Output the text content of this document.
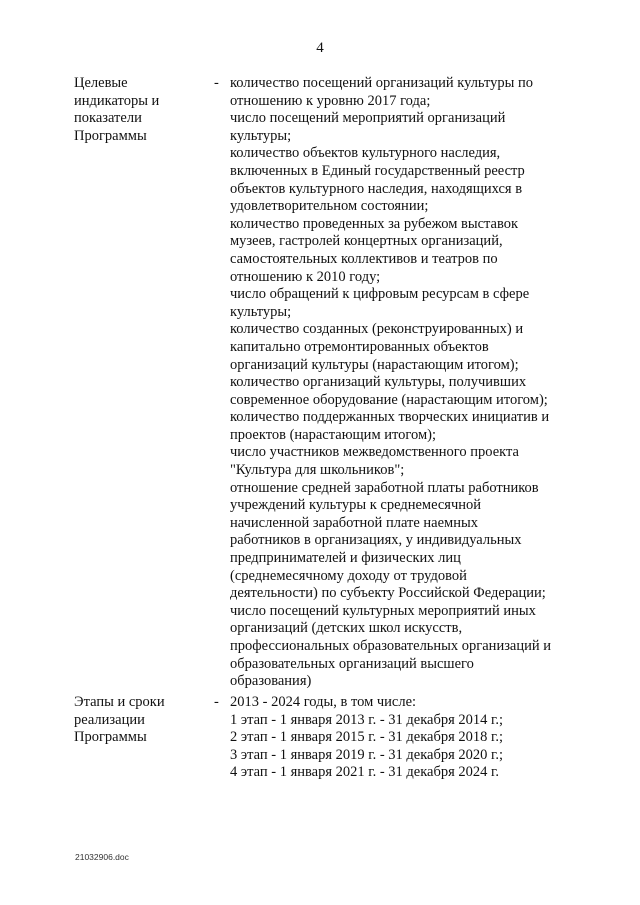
4
Целевые
индикаторы и
показатели
Программы
- количество посещений организаций культуры по
отношению к уровню 2017 года;
число посещений мероприятий организаций
культуры;
количество объектов культурного наследия,
включенных в Единый государственный реестр
объектов культурного наследия, находящихся в
удовлетворительном состоянии;
количество проведенных за рубежом выставок
музеев, гастролей концертных организаций,
самостоятельных коллективов и театров по
отношению к 2010 году;
число обращений к цифровым ресурсам в сфере
культуры;
количество созданных (реконструированных) и
капитально отремонтированных объектов
организаций культуры (нарастающим итогом);
количество организаций культуры, получивших
современное оборудование (нарастающим итогом);
количество поддержанных творческих инициатив и
проектов (нарастающим итогом);
число участников межведомственного проекта
"Культура для школьников";
отношение средней заработной платы работников
учреждений культуры к среднемесячной
начисленной заработной плате наемных
работников в организациях, у индивидуальных
предпринимателей и физических лиц
(среднемесячному доходу от трудовой
деятельности) по субъекту Российской Федерации;
число посещений культурных мероприятий иных
организаций (детских школ искусств,
профессиональных образовательных организаций и
образовательных организаций высшего
образования)
Этапы и сроки
реализации
Программы
- 2013 - 2024 годы, в том числе:
1 этап - 1 января 2013 г. - 31 декабря 2014 г.;
2 этап - 1 января 2015 г. - 31 декабря 2018 г.;
3 этап - 1 января 2019 г. - 31 декабря 2020 г.;
4 этап - 1 января 2021 г. - 31 декабря 2024 г.
21032906.doc
